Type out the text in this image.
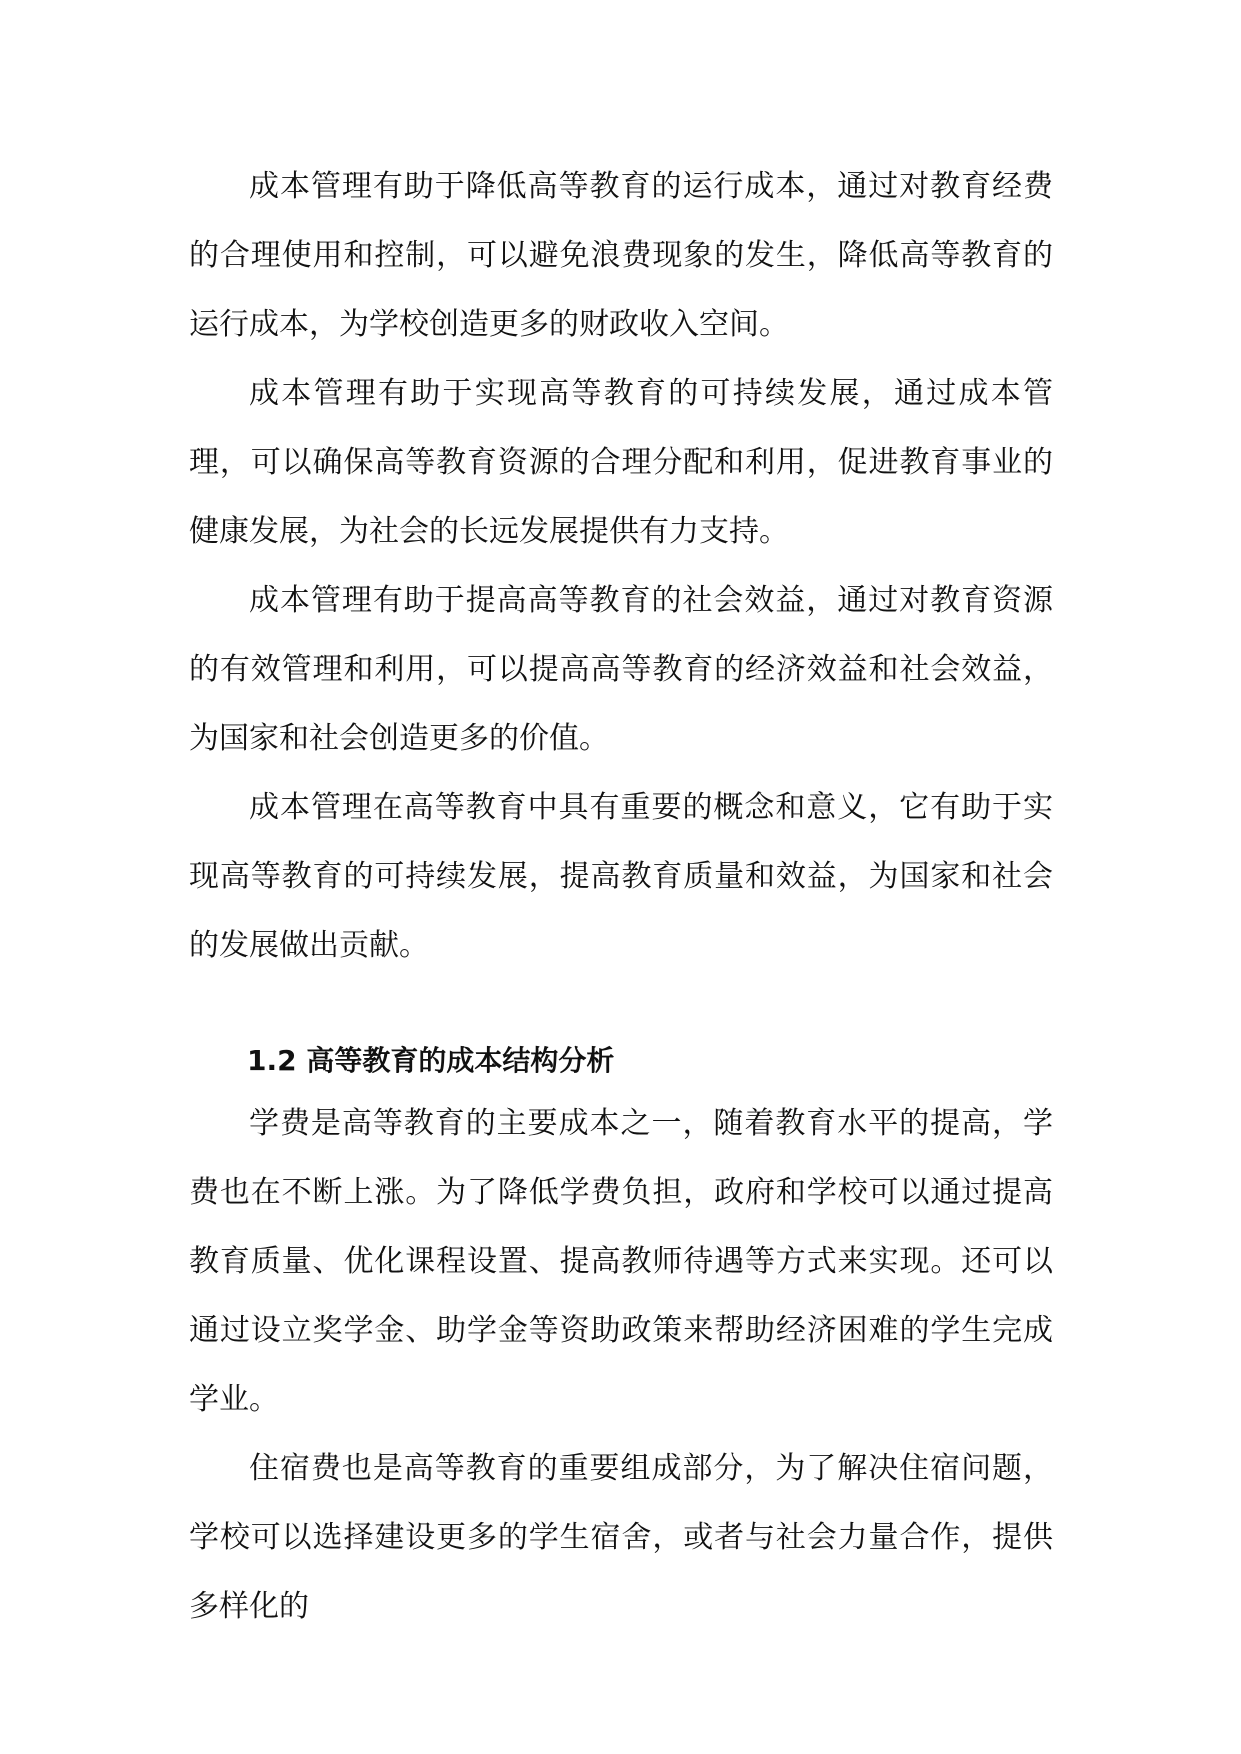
成本管理有助于降低高等教育的运行成本，通过对教育经费的合理使用和控制，可以避免浪费现象的发生，降低高等教育的运行成本，为学校创造更多的财政收入空间。

成本管理有助于实现高等教育的可持续发展，通过成本管理，可以确保高等教育资源的合理分配和利用，促进教育事业的健康发展，为社会的长远发展提供有力支持。

成本管理有助于提高高等教育的社会效益，通过对教育资源的有效管理和利用，可以提高高等教育的经济效益和社会效益，为国家和社会创造更多的价值。

成本管理在高等教育中具有重要的概念和意义，它有助于实现高等教育的可持续发展，提高教育质量和效益，为国家和社会的发展做出贡献。

1.2 高等教育的成本结构分析

学费是高等教育的主要成本之一，随着教育水平的提高，学费也在不断上涨。为了降低学费负担，政府和学校可以通过提高教育质量、优化课程设置、提高教师待遇等方式来实现。还可以通过设立奖学金、助学金等资助政策来帮助经济困难的学生完成学业。

住宿费也是高等教育的重要组成部分，为了解决住宿问题，学校可以选择建设更多的学生宿舍，或者与社会力量合作，提供多样化的
